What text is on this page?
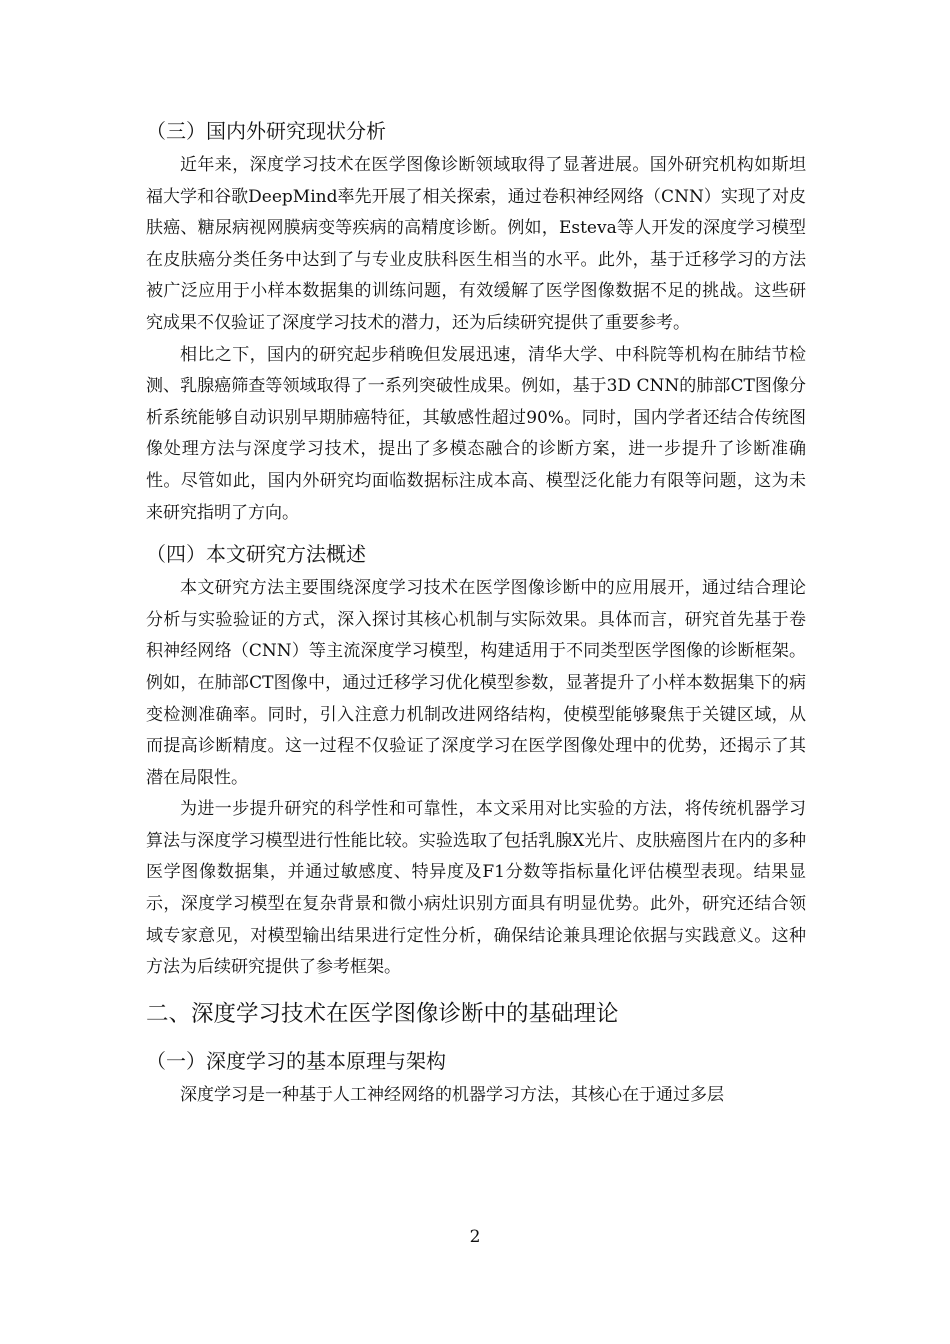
（三）国内外研究现状分析

近年来，深度学习技术在医学图像诊断领域取得了显著进展。国外研究机构如斯坦福大学和谷歌DeepMind率先开展了相关探索，通过卷积神经网络（CNN）实现了对皮肤癌、糖尿病视网膜病变等疾病的高精度诊断。例如，Esteva等人开发的深度学习模型在皮肤癌分类任务中达到了与专业皮肤科医生相当的水平。此外，基于迁移学习的方法被广泛应用于小样本数据集的训练问题，有效缓解了医学图像数据不足的挑战。这些研究成果不仅验证了深度学习技术的潜力，还为后续研究提供了重要参考。

相比之下，国内的研究起步稍晚但发展迅速，清华大学、中科院等机构在肺结节检测、乳腺癌筛查等领域取得了一系列突破性成果。例如，基于3D CNN的肺部CT图像分析系统能够自动识别早期肺癌特征，其敏感性超过90%。同时，国内学者还结合传统图像处理方法与深度学习技术，提出了多模态融合的诊断方案，进一步提升了诊断准确性。尽管如此，国内外研究均面临数据标注成本高、模型泛化能力有限等问题，这为未来研究指明了方向。

（四）本文研究方法概述

本文研究方法主要围绕深度学习技术在医学图像诊断中的应用展开，通过结合理论分析与实验验证的方式，深入探讨其核心机制与实际效果。具体而言，研究首先基于卷积神经网络（CNN）等主流深度学习模型，构建适用于不同类型医学图像的诊断框架。例如，在肺部CT图像中，通过迁移学习优化模型参数，显著提升了小样本数据集下的病变检测准确率。同时，引入注意力机制改进网络结构，使模型能够聚焦于关键区域，从而提高诊断精度。这一过程不仅验证了深度学习在医学图像处理中的优势，还揭示了其潜在局限性。

为进一步提升研究的科学性和可靠性，本文采用对比实验的方法，将传统机器学习算法与深度学习模型进行性能比较。实验选取了包括乳腺X光片、皮肤癌图片在内的多种医学图像数据集，并通过敏感度、特异度及F1分数等指标量化评估模型表现。结果显示，深度学习模型在复杂背景和微小病灶识别方面具有明显优势。此外，研究还结合领域专家意见，对模型输出结果进行定性分析，确保结论兼具理论依据与实践意义。这种方法为后续研究提供了参考框架。

二、深度学习技术在医学图像诊断中的基础理论
（一）深度学习的基本原理与架构

深度学习是一种基于人工神经网络的机器学习方法，其核心在于通过多层

2
